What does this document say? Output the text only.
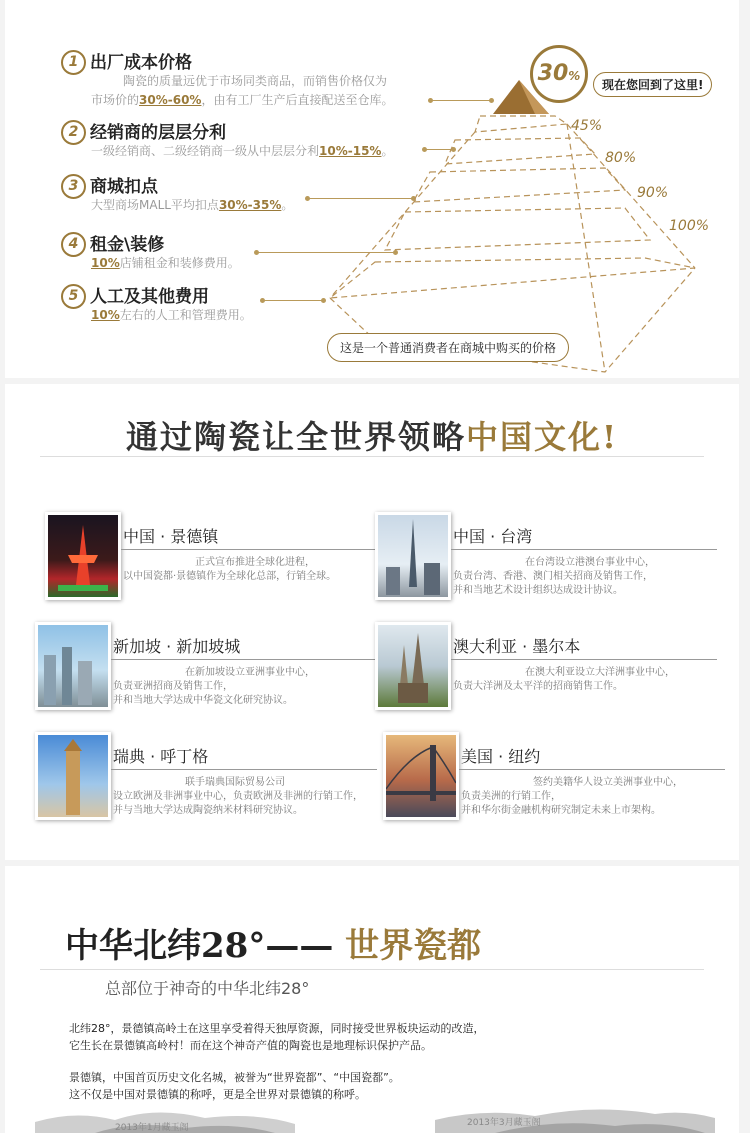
1 出厂成本价格
陶瓷的质量远优于市场同类商品，而销售价格仅为
市场价的30%-60%，由有工厂生产后直接配送至仓库。
2 经销商的层层分利
一级经销商、二级经销商一级从中层层分利10%-15%。
3 商城扣点
大型商场MALL平均扣点30%-35%。
4 租金\装修
10%店铺租金和装修费用。
5 人工及其他费用
10%左右的人工和管理费用。
45%
80%
90%
100%
30%
现在您回到了这里!
这是一个普通消费者在商城中购买的价格
通过陶瓷让全世界领略中国文化!
中国 · 景德镇
正式宣布推进全球化进程，
以中国瓷都·景德镇作为全球化总部，行销全球。
中国 · 台湾
在台湾设立港澳台事业中心，
负责台湾、香港、澳门相关招商及销售工作，
并和当地艺术设计组织达成设计协议。
新加坡 · 新加坡城
在新加坡设立亚洲事业中心，
负责亚洲招商及销售工作，
并和当地大学达成中华瓷文化研究协议。
澳大利亚 · 墨尔本
在澳大利亚设立大洋洲事业中心，
负责大洋洲及太平洋的招商销售工作。
瑞典 · 呼丁格
联手瑞典国际贸易公司
设立欧洲及非洲事业中心，负责欧洲及非洲的行销工作，
并与当地大学达成陶瓷纳米材料研究协议。
美国 · 纽约
签约美籍华人设立美洲事业中心，
负责美洲的行销工作，
并和华尔街金融机构研究制定未来上市架构。
中华北纬28°—— 世界瓷都
总部位于神奇的中华北纬28°
北纬28°，景德镇高岭土在这里享受着得天独厚资源，同时接受世界板块运动的改造，
它生长在景德镇高岭村！而在这个神奇产值的陶瓷也是地理标识保护产品。
景德镇，中国首页历史文化名城，被誉为“世界瓷都”、“中国瓷都”。
这不仅是中国对景德镇的称呼，更是全世界对景德镇的称呼。
2013年1月藏玉阁	2013年3月藏玉阁
